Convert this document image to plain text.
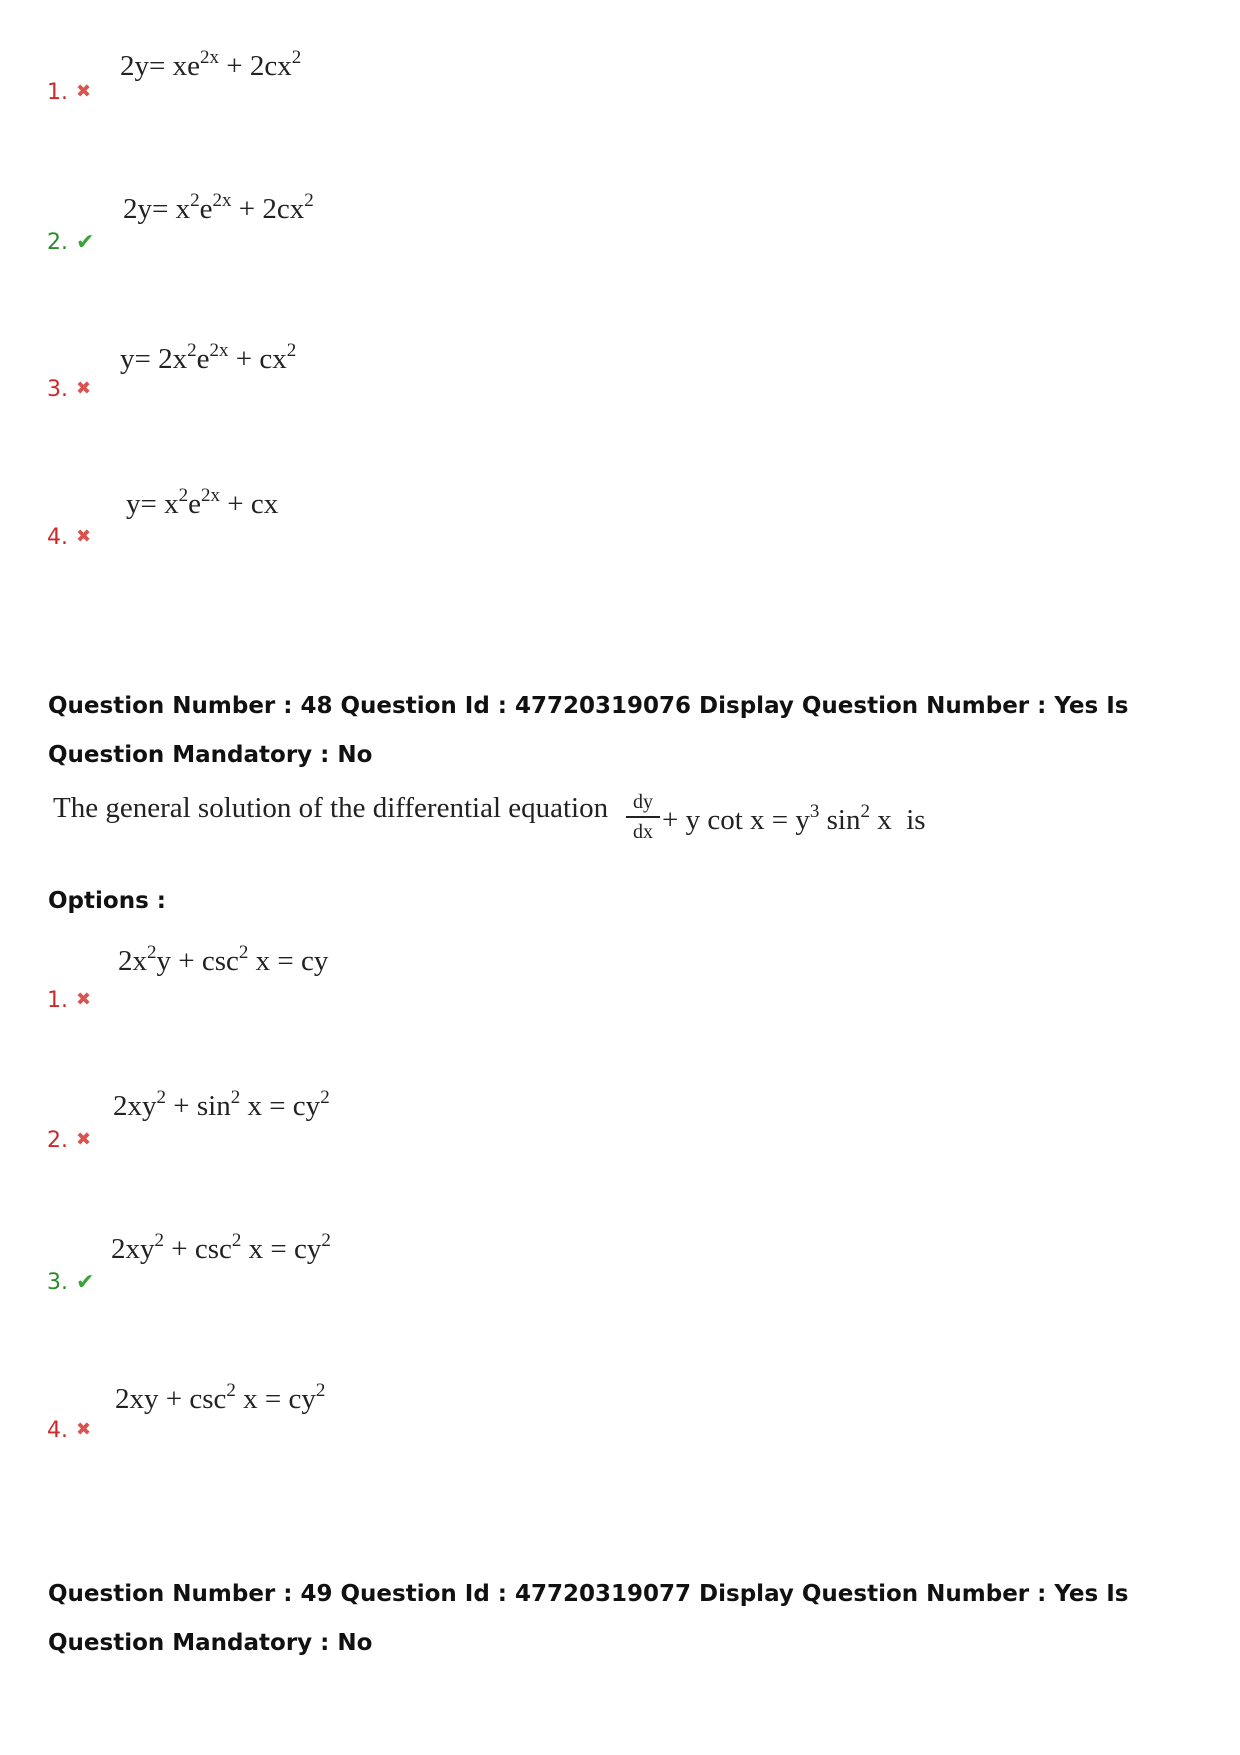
$2y= xe^{2x} + 2cx^2$
1. ✖
$2y= x^2e^{2x} + 2cx^2$
2. ✔
$y= 2x^2e^{2x} + cx^2$
3. ✖
$y= x^2e^{2x}$ + cx
4. ✖
Question Number : 48 Question Id : 47720319076 Display Question Number : Yes Is Question Mandatory : No
The general solution of the differential equation	dy
dx + y $\cot x = y^3$ $\sin^2 x$  is
Options :
$2x^2y + \csc^2 x$ = cy
1. ✖
$2xy^2 + \sin^2 x = cy^2$
2. ✖
$2xy^2 + \csc^2 x = cy^2$
3. ✔
$2xy + \csc^2 x = cy^2$
4. ✖
Question Number : 49 Question Id : 47720319077 Display Question Number : Yes Is Question Mandatory : No
